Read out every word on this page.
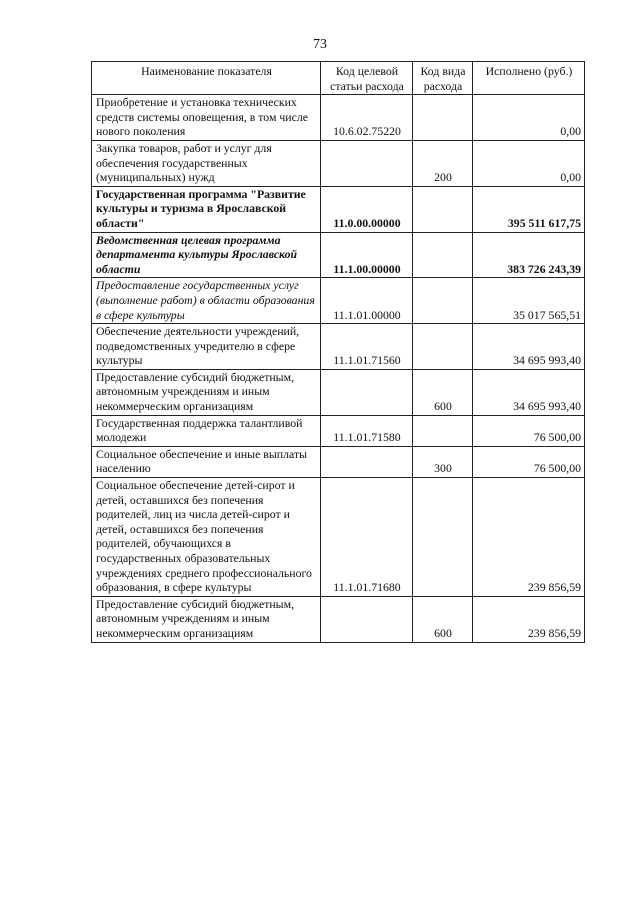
73
Наименование показателя	Код целевой статьи расхода	Код вида расхода	Исполнено (руб.)
Приобретение и установка технических средств системы оповещения, в том числе нового поколения	10.6.02.75220		0,00
Закупка товаров, работ и услуг для обеспечения государственных (муниципальных) нужд		200	0,00
Государственная программа "Развитие культуры и туризма в Ярославской области"	11.0.00.00000		395 511 617,75
Ведомственная целевая программа департамента культуры Ярославской области	11.1.00.00000		383 726 243,39
Предоставление государственных услуг (выполнение работ) в области образования в сфере культуры	11.1.01.00000		35 017 565,51
Обеспечение деятельности учреждений, подведомственных учредителю в сфере культуры	11.1.01.71560		34 695 993,40
Предоставление субсидий бюджетным, автономным учреждениям и иным некоммерческим организациям		600	34 695 993,40
Государственная поддержка талантливой молодежи	11.1.01.71580		76 500,00
Социальное обеспечение и иные выплаты населению		300	76 500,00
Социальное обеспечение детей-сирот и детей, оставшихся без попечения родителей, лиц из числа детей-сирот и детей, оставшихся без попечения родителей, обучающихся в государственных образовательных учреждениях среднего профессионального образования, в сфере культуры	11.1.01.71680		239 856,59
Предоставление субсидий бюджетным, автономным учреждениям и иным некоммерческим организациям		600	239 856,59
